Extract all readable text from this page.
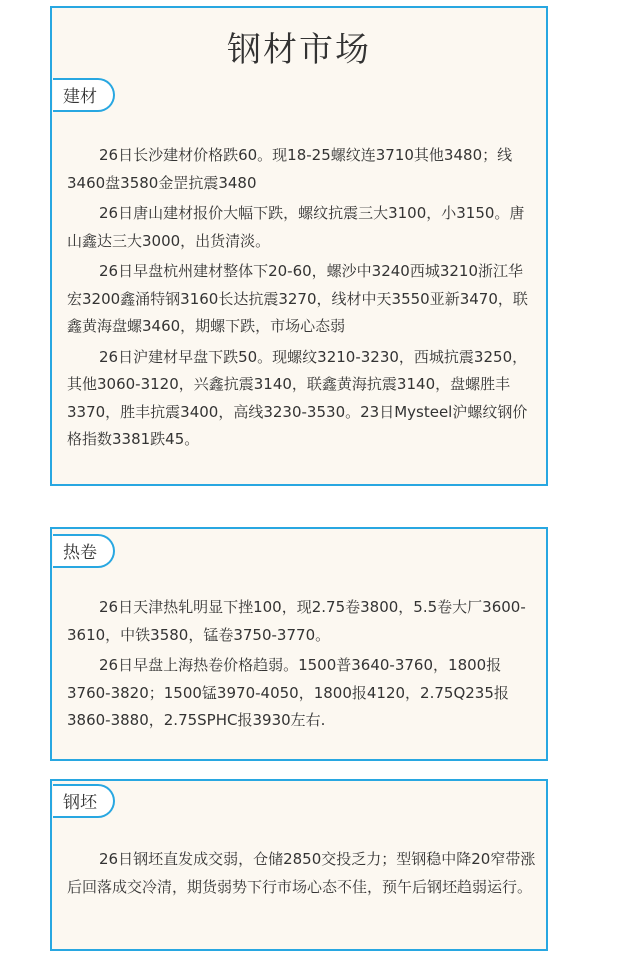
钢材市场
建材

26日长沙建材价格跌60。现18-25螺纹连3710其他3480；线3460盘3580金罡抗震3480

26日唐山建材报价大幅下跌，螺纹抗震三大3100，小3150。唐山鑫达三大3000，出货清淡。

26日早盘杭州建材整体下20-60，螺沙中3240西城3210浙江华宏3200鑫涌特钢3160长达抗震3270，线材中天3550亚新3470，联鑫黄海盘螺3460，期螺下跌，市场心态弱

26日沪建材早盘下跌50。现螺纹3210-3230，西城抗震3250，其他3060-3120，兴鑫抗震3140，联鑫黄海抗震3140，盘螺胜丰3370，胜丰抗震3400，高线3230-3530。23日Mysteel沪螺纹钢价格指数3381跌45。

热卷

26日天津热轧明显下挫100，现2.75卷3800，5.5卷大厂3600-3610，中铁3580，锰卷3750-3770。

26日早盘上海热卷价格趋弱。1500普3640-3760，1800报3760-3820；1500锰3970-4050，1800报4120，2.75Q235报3860-3880，2.75SPHC报3930左右.

钢坯

26日钢坯直发成交弱，仓储2850交投乏力；型钢稳中降20窄带涨后回落成交冷清，期货弱势下行市场心态不佳，预午后钢坯趋弱运行。
